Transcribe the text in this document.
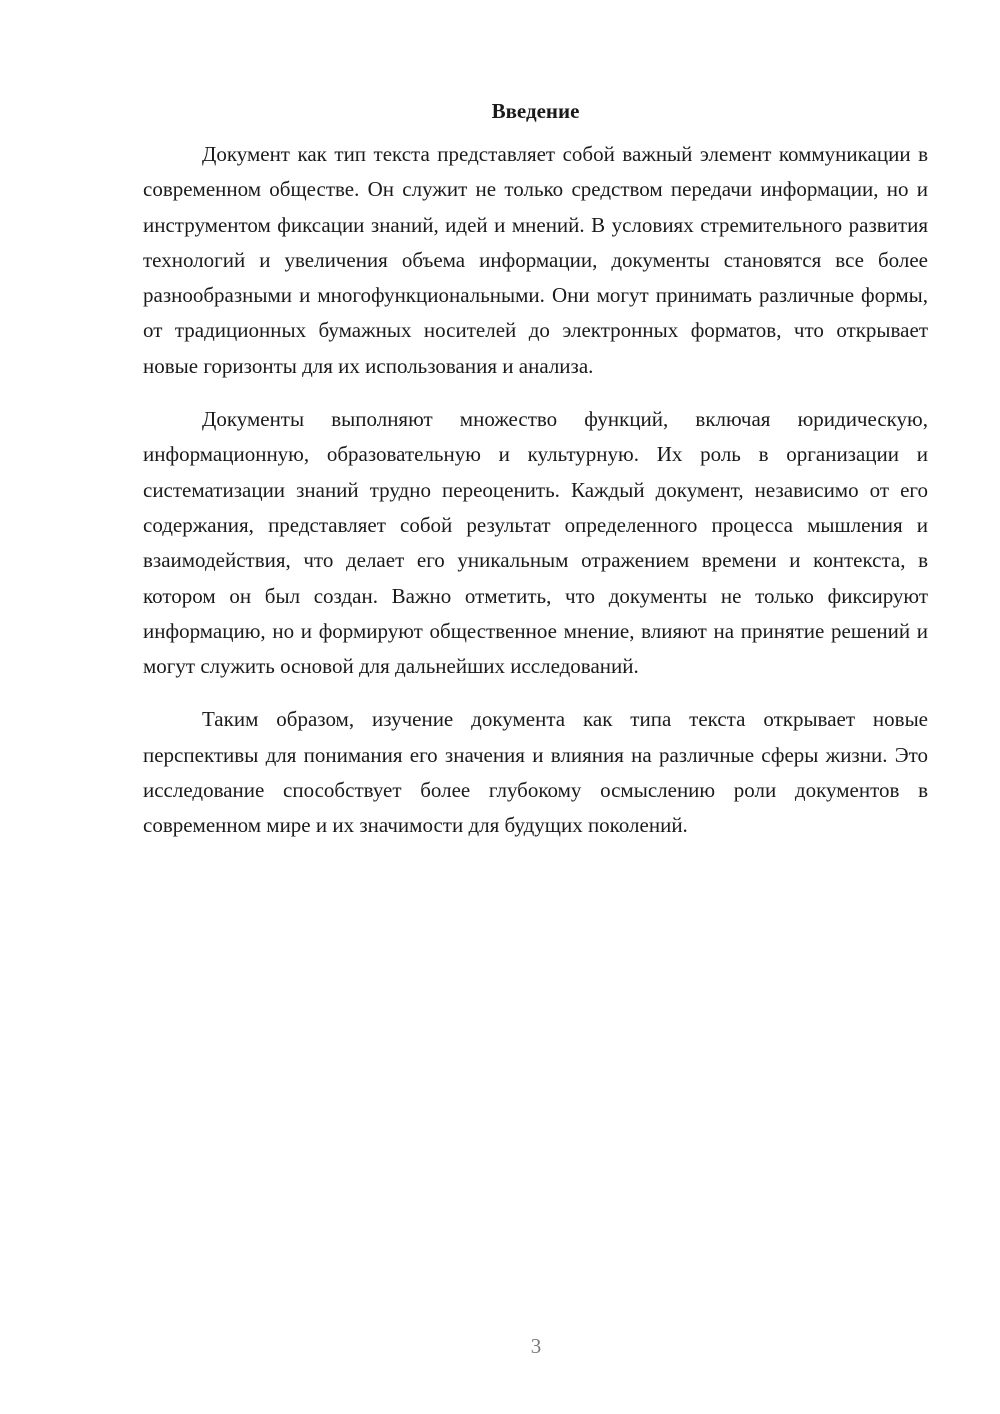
Введение

Документ как тип текста представляет собой важный элемент коммуникации в современном обществе. Он служит не только средством передачи информации, но и инструментом фиксации знаний, идей и мнений. В условиях стремительного развития технологий и увеличения объема информации, документы становятся все более разнообразными и многофункциональными. Они могут принимать различные формы, от традиционных бумажных носителей до электронных форматов, что открывает новые горизонты для их использования и анализа.

Документы выполняют множество функций, включая юридическую, информационную, образовательную и культурную. Их роль в организации и систематизации знаний трудно переоценить. Каждый документ, независимо от его содержания, представляет собой результат определенного процесса мышления и взаимодействия, что делает его уникальным отражением времени и контекста, в котором он был создан. Важно отметить, что документы не только фиксируют информацию, но и формируют общественное мнение, влияют на принятие решений и могут служить основой для дальнейших исследований.

Таким образом, изучение документа как типа текста открывает новые перспективы для понимания его значения и влияния на различные сферы жизни. Это исследование способствует более глубокому осмыслению роли документов в современном мире и их значимости для будущих поколений.

3
